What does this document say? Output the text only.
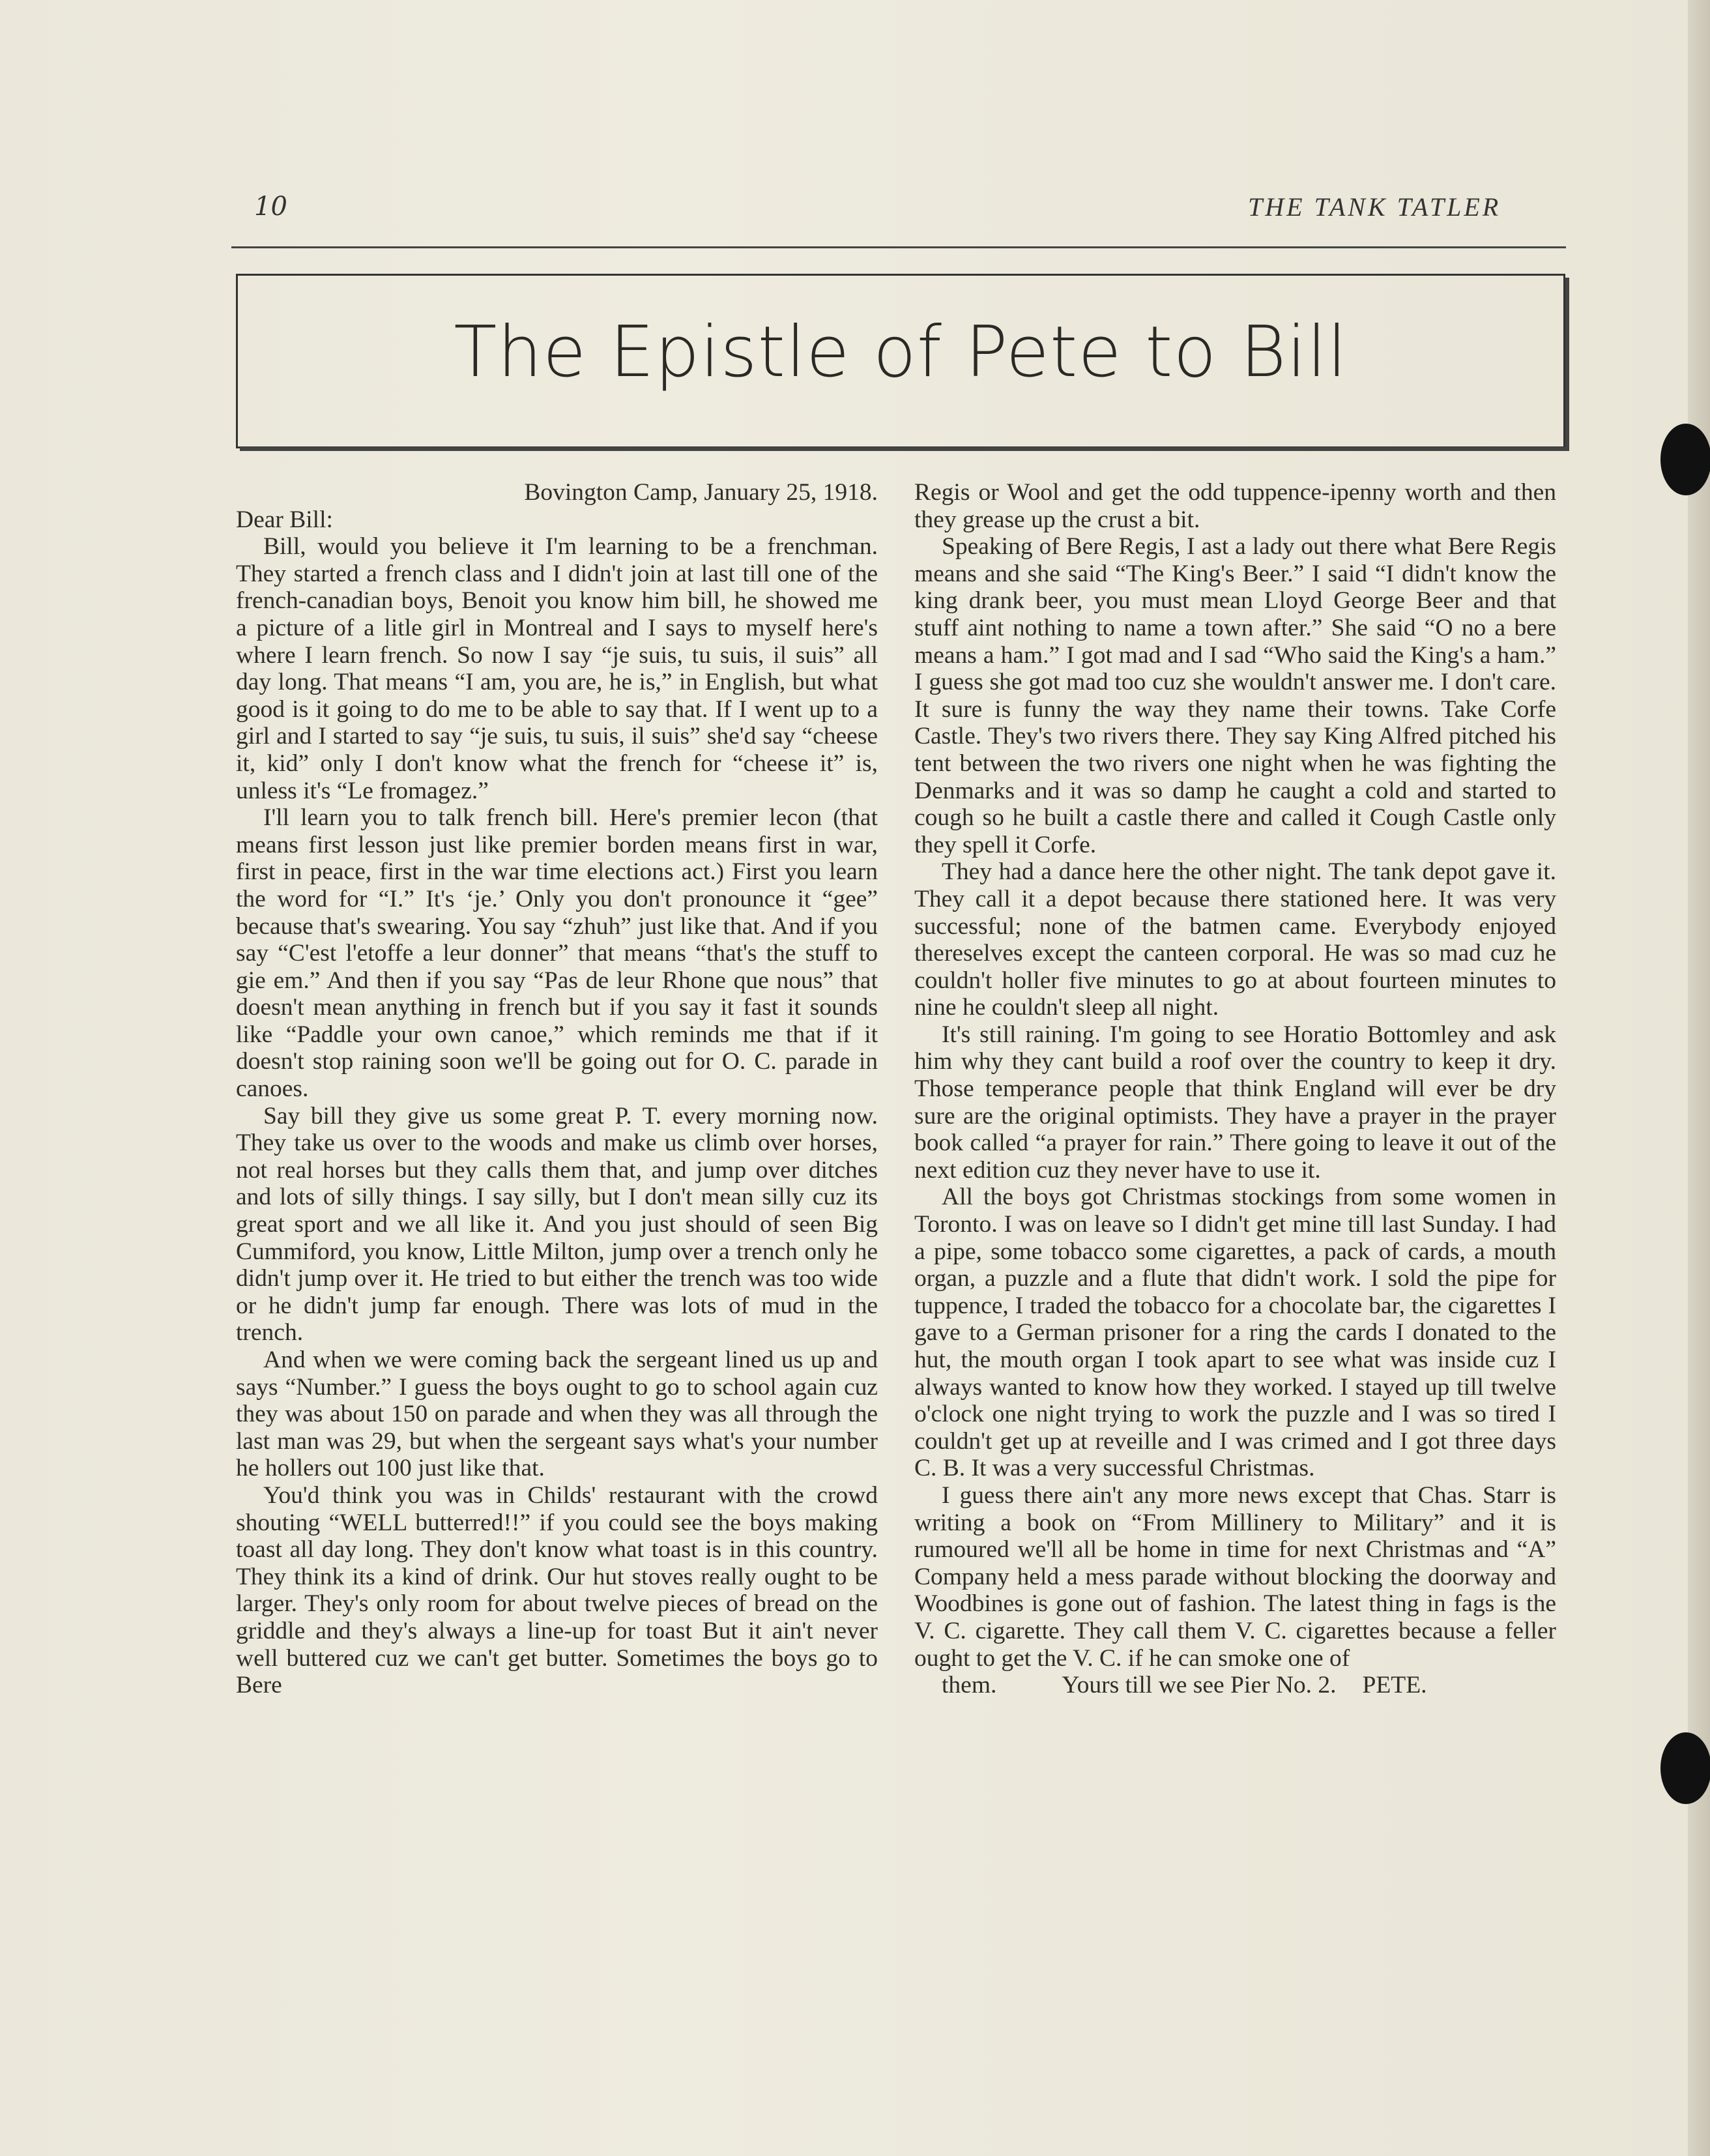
10	THE TANK TATLER
The Epistle of Pete to Bill

Bovington Camp, January 25, 1918.

Dear Bill:

Bill, would you believe it I'm learning to be a frenchman. They started a french class and I didn't join at last till one of the french-canadian boys, Benoit you know him bill, he showed me a picture of a litle girl in Montreal and I says to myself here's where I learn french. So now I say “je suis, tu suis, il suis” all day long. That means “I am, you are, he is,” in English, but what good is it going to do me to be able to say that. If I went up to a girl and I started to say “je suis, tu suis, il suis” she'd say “cheese it, kid” only I don't know what the french for “cheese it” is, unless it's “Le fromagez.”

I'll learn you to talk french bill. Here's premier lecon (that means first lesson just like premier borden means first in war, first in peace, first in the war time elections act.) First you learn the word for “I.” It's ‘je.’ Only you don't pronounce it “gee” because that's swearing. You say “zhuh” just like that. And if you say “C'est l'etoffe a leur donner” that means “that's the stuff to gie em.” And then if you say “Pas de leur Rhone que nous” that doesn't mean anything in french but if you say it fast it sounds like “Paddle your own canoe,” which reminds me that if it doesn't stop raining soon we'll be going out for O. C. parade in canoes.

Say bill they give us some great P. T. every morning now. They take us over to the woods and make us climb over horses, not real horses but they calls them that, and jump over ditches and lots of silly things. I say silly, but I don't mean silly cuz its great sport and we all like it. And you just should of seen Big Cummiford, you know, Little Milton, jump over a trench only he didn't jump over it. He tried to but either the trench was too wide or he didn't jump far enough. There was lots of mud in the trench.

And when we were coming back the sergeant lined us up and says “Number.” I guess the boys ought to go to school again cuz they was about 150 on parade and when they was all through the last man was 29, but when the sergeant says what's your number he hollers out 100 just like that.

You'd think you was in Childs' restaurant with the crowd shouting “WELL butterred!!” if you could see the boys making toast all day long. They don't know what toast is in this country. They think its a kind of drink. Our hut stoves really ought to be larger. They's only room for about twelve pieces of bread on the griddle and they's always a line-up for toast But it ain't never well buttered cuz we can't get butter. Sometimes the boys go to Bere

Regis or Wool and get the odd tuppence-ipenny worth and then they grease up the crust a bit.

Speaking of Bere Regis, I ast a lady out there what Bere Regis means and she said “The King's Beer.” I said “I didn't know the king drank beer, you must mean Lloyd George Beer and that stuff aint nothing to name a town after.” She said “O no a bere means a ham.” I got mad and I sad “Who said the King's a ham.” I guess she got mad too cuz she wouldn't answer me. I don't care. It sure is funny the way they name their towns. Take Corfe Castle. They's two rivers there. They say King Alfred pitched his tent between the two rivers one night when he was fighting the Denmarks and it was so damp he caught a cold and started to cough so he built a castle there and called it Cough Castle only they spell it Corfe.

They had a dance here the other night. The tank depot gave it. They call it a depot because there stationed here. It was very successful; none of the batmen came. Everybody enjoyed thereselves except the canteen corporal. He was so mad cuz he couldn't holler five minutes to go at about fourteen minutes to nine he couldn't sleep all night.

It's still raining. I'm going to see Horatio Bottomley and ask him why they cant build a roof over the country to keep it dry. Those temperance people that think England will ever be dry sure are the original optimists. They have a prayer in the prayer book called “a prayer for rain.” There going to leave it out of the next edition cuz they never have to use it.

All the boys got Christmas stockings from some women in Toronto. I was on leave so I didn't get mine till last Sunday. I had a pipe, some tobacco some cigarettes, a pack of cards, a mouth organ, a puzzle and a flute that didn't work. I sold the pipe for tuppence, I traded the tobacco for a chocolate bar, the cigarettes I gave to a German prisoner for a ring the cards I donated to the hut, the mouth organ I took apart to see what was inside cuz I always wanted to know how they worked. I stayed up till twelve o'clock one night trying to work the puzzle and I was so tired I couldn't get up at reveille and I was crimed and I got three days C. B. It was a very successful Christmas.

I guess there ain't any more news except that Chas. Starr is writing a book on “From Millinery to Military” and it is rumoured we'll all be home in time for next Christmas and “A” Company held a mess parade without blocking the doorway and Woodbines is gone out of fashion. The latest thing in fags is the V. C. cigarette. They call them V. C. cigarettes because a feller ought to get the V. C. if he can smoke one of

them.	Yours till we see Pier No. 2. PETE.
